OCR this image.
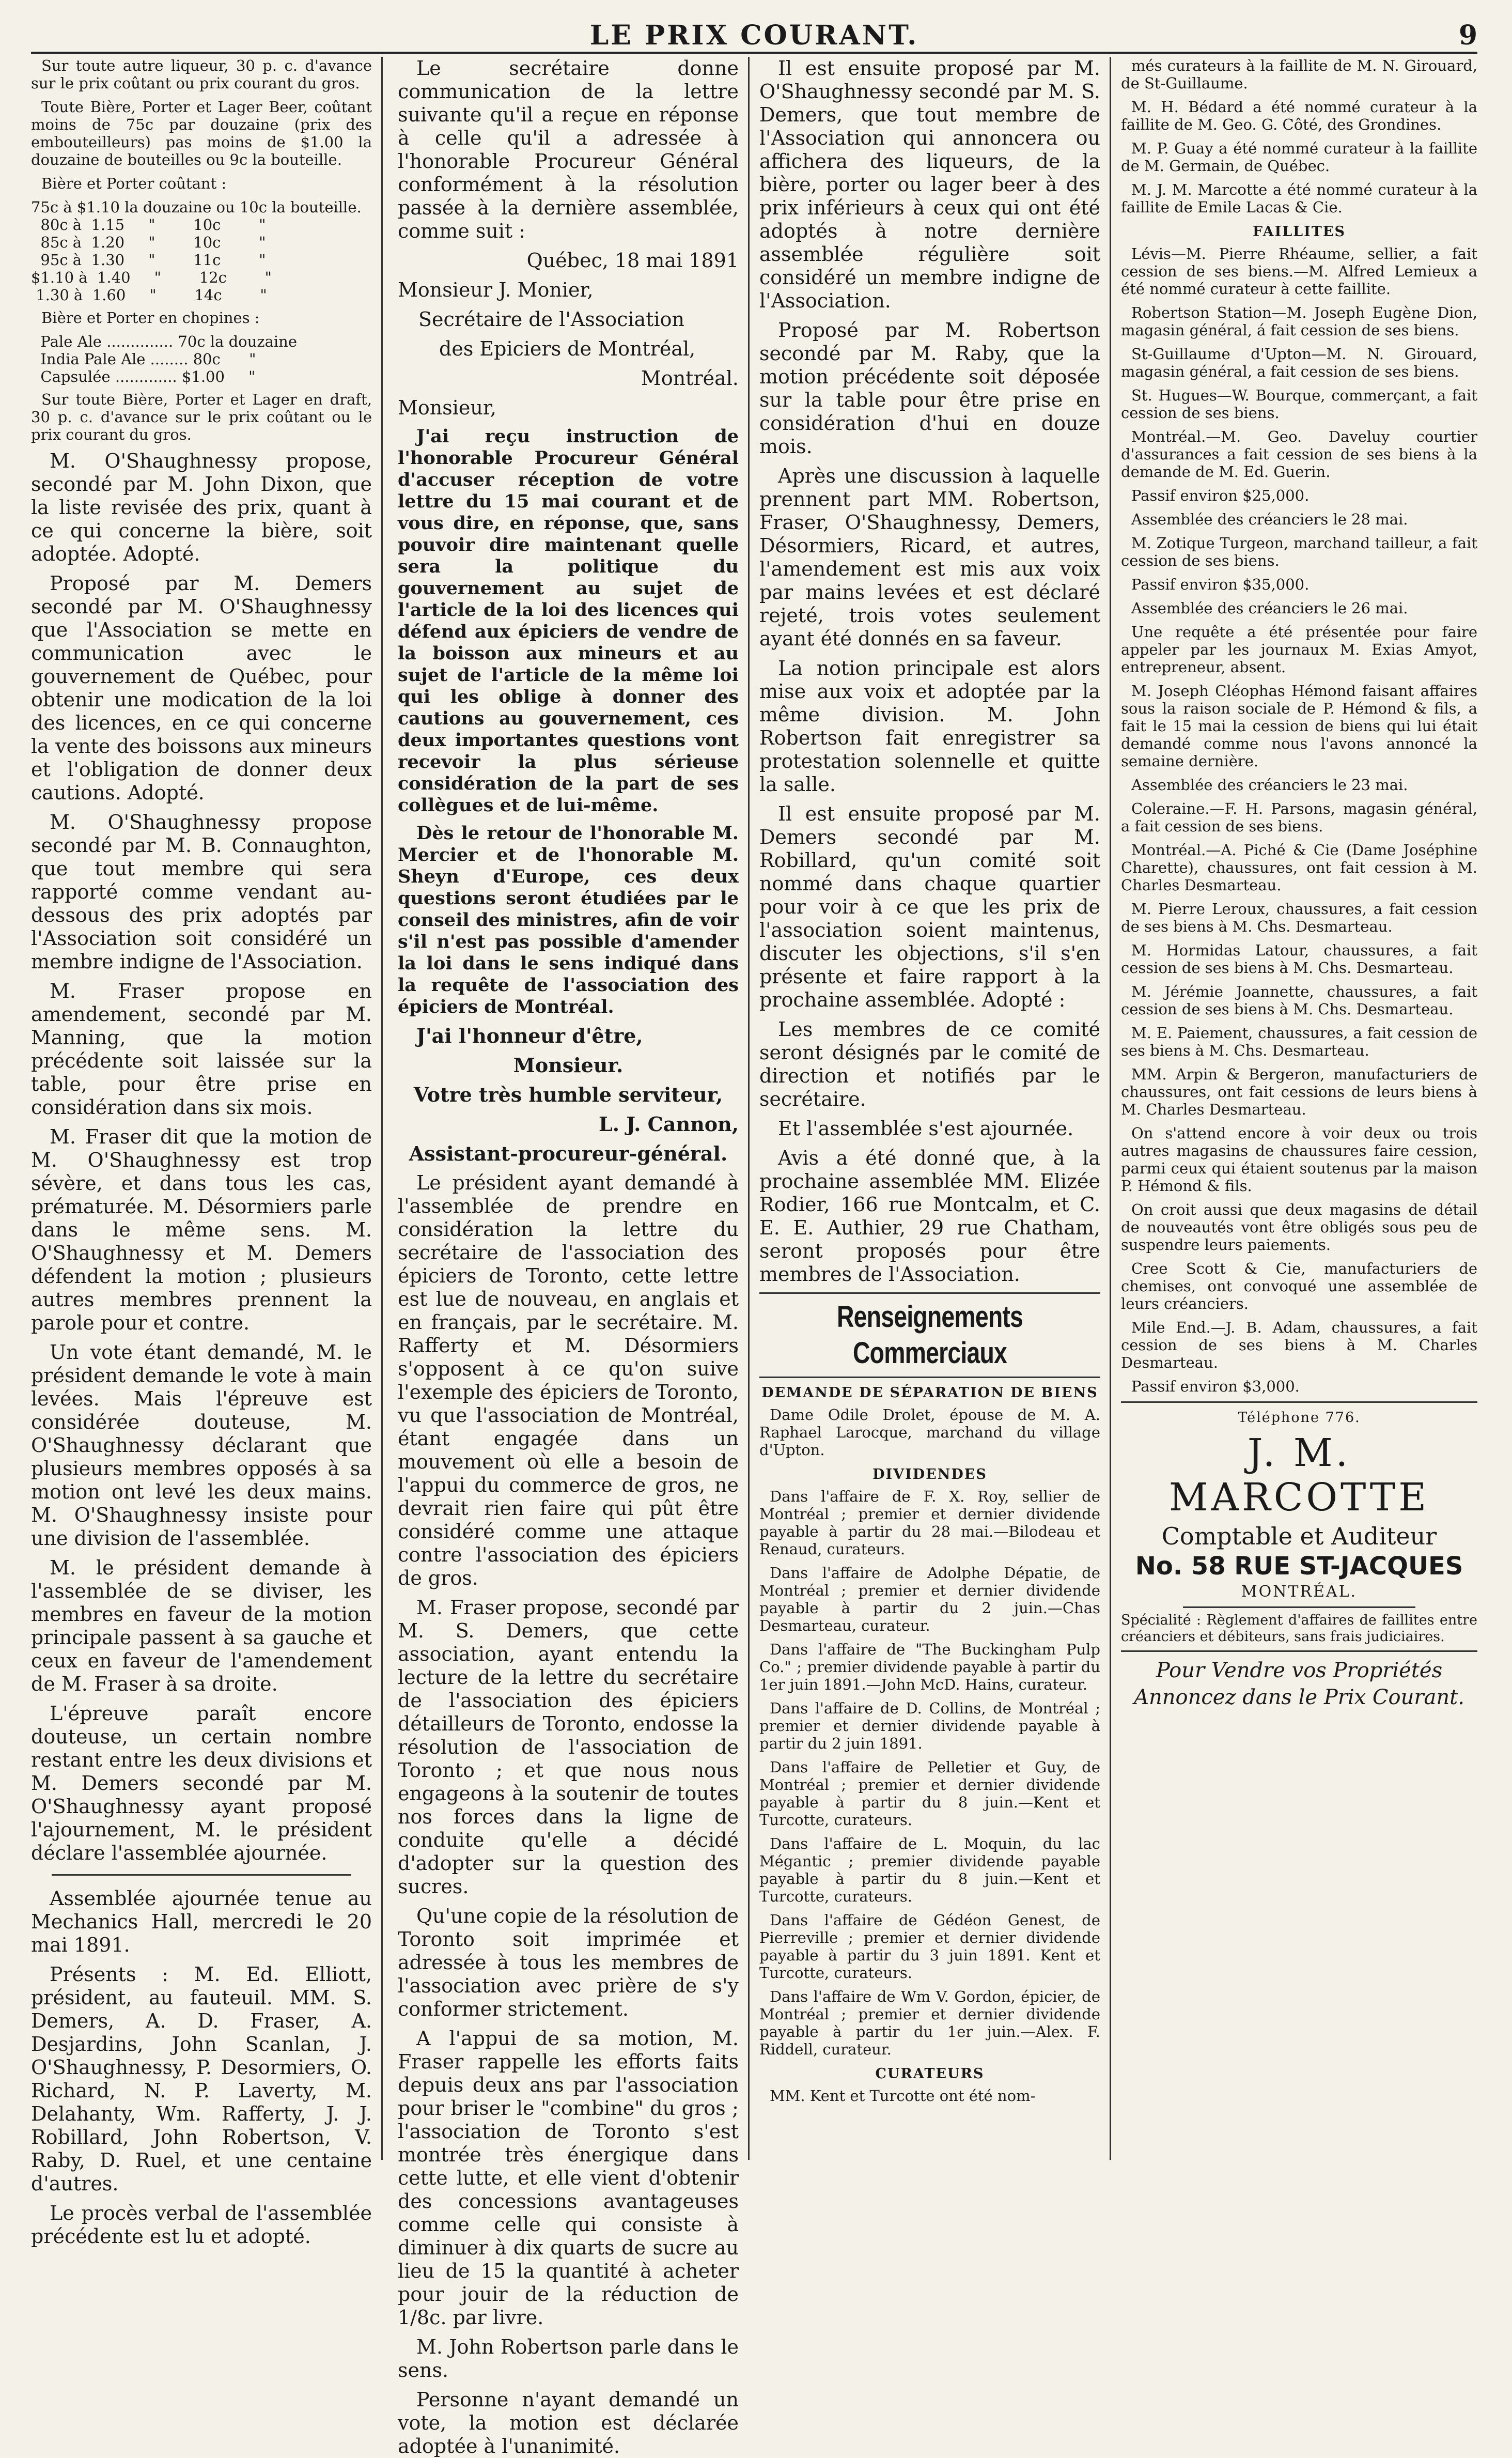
LE PRIX COURANT.	9

Sur toute autre liqueur, 30 p. c. d'avance sur le prix coûtant ou prix courant du gros.

Toute Bière, Porter et Lager Beer, coûtant moins de 75c par douzaine (prix des embouteilleurs) pas moins de $1.00 la douzaine de bouteilles ou 9c la bouteille.

Bière et Porter coûtant :

75c à $1.10 la douzaine ou 10c la bouteille.
80c à  1.15     "        10c        "
85c à  1.20     "        10c        "
95c à  1.30     "        11c        "
$1.10 à  1.40     "        12c        "
1.30 à  1.60     "        14c        "

Bière et Porter en chopines :

Pale Ale .............. 70c la douzaine
India Pale Ale ........ 80c      "
Capsulée ............. $1.00     "

Sur toute Bière, Porter et Lager en draft, 30 p. c. d'avance sur le prix coûtant ou le prix courant du gros.

M. O'Shaughnessy propose, secondé par M. John Dixon, que la liste revisée des prix, quant à ce qui concerne la bière, soit adoptée. Adopté.

Proposé par M. Demers secondé par M. O'Shaughnessy que l'Association se mette en communication avec le gouvernement de Québec, pour obtenir une modication de la loi des licences, en ce qui concerne la vente des boissons aux mineurs et l'obligation de donner deux cautions. Adopté.

M. O'Shaughnessy propose secondé par M. B. Connaughton, que tout membre qui sera rapporté comme vendant au-dessous des prix adoptés par l'Association soit considéré un membre indigne de l'Association.

M. Fraser propose en amendement, secondé par M. Manning, que la motion précédente soit laissée sur la table, pour être prise en considération dans six mois.

M. Fraser dit que la motion de M. O'Shaughnessy est trop sévère, et dans tous les cas, prématurée. M. Désormiers parle dans le même sens. M. O'Shaughnessy et M. Demers défendent la motion ; plusieurs autres membres prennent la parole pour et contre.

Un vote étant demandé, M. le président demande le vote à main levées. Mais l'épreuve est considérée douteuse, M. O'Shaughnessy déclarant que plusieurs membres opposés à sa motion ont levé les deux mains. M. O'Shaughnessy insiste pour une division de l'assemblée.

M. le président demande à l'assemblée de se diviser, les membres en faveur de la motion principale passent à sa gauche et ceux en faveur de l'amendement de M. Fraser à sa droite.

L'épreuve paraît encore douteuse, un certain nombre restant entre les deux divisions et M. Demers secondé par M. O'Shaughnessy ayant proposé l'ajournement, M. le président déclare l'assemblée ajournée.

Assemblée ajournée tenue au Mechanics Hall, mercredi le 20 mai 1891.

Présents : M. Ed. Elliott, président, au fauteuil. MM. S. Demers, A. D. Fraser, A. Desjardins, John Scanlan, J. O'Shaughnessy, P. Desormiers, O. Richard, N. P. Laverty, M. Delahanty, Wm. Rafferty, J. J. Robillard, John Robertson, V. Raby, D. Ruel, et une centaine d'autres.

Le procès verbal de l'assemblée précédente est lu et adopté.

Le secrétaire donne communication de la lettre suivante qu'il a reçue en réponse à celle qu'il a adressée à l'honorable Procureur Général conformément à la résolution passée à la dernière assemblée, comme suit :

Québec, 18 mai 1891

Monsieur J. Monier,

Secrétaire de l'Association

des Epiciers de Montréal,

Montréal.

Monsieur,

J'ai reçu instruction de l'honorable Procureur Général d'accuser réception de votre lettre du 15 mai courant et de vous dire, en réponse, que, sans pouvoir dire maintenant quelle sera la politique du gouvernement au sujet de l'article de la loi des licences qui défend aux épiciers de vendre de la boisson aux mineurs et au sujet de l'article de la même loi qui les oblige à donner des cautions au gouvernement, ces deux importantes questions vont recevoir la plus sérieuse considération de la part de ses collègues et de lui-même.

Dès le retour de l'honorable M. Mercier et de l'honorable M. Sheyn d'Europe, ces deux questions seront étudiées par le conseil des ministres, afin de voir s'il n'est pas possible d'amender la loi dans le sens indiqué dans la requête de l'association des épiciers de Montréal.

J'ai l'honneur d'être,

Monsieur.

Votre très humble serviteur,

L. J. Cannon,

Assistant-procureur-général.

Le président ayant demandé à l'assemblée de prendre en considération la lettre du secrétaire de l'association des épiciers de Toronto, cette lettre est lue de nouveau, en anglais et en français, par le secrétaire. M. Rafferty et M. Désormiers s'opposent à ce qu'on suive l'exemple des épiciers de Toronto, vu que l'association de Montréal, étant engagée dans un mouvement où elle a besoin de l'appui du commerce de gros, ne devrait rien faire qui pût être considéré comme une attaque contre l'association des épiciers de gros.

M. Fraser propose, secondé par M. S. Demers, que cette association, ayant entendu la lecture de la lettre du secrétaire de l'association des épiciers détailleurs de Toronto, endosse la résolution de l'association de Toronto ; et que nous nous engageons à la soutenir de toutes nos forces dans la ligne de conduite qu'elle a décidé d'adopter sur la question des sucres.

Qu'une copie de la résolution de Toronto soit imprimée et adressée à tous les membres de l'association avec prière de s'y conformer strictement.

A l'appui de sa motion, M. Fraser rappelle les efforts faits depuis deux ans par l'association pour briser le "combine" du gros ; l'association de Toronto s'est montrée très énergique dans cette lutte, et elle vient d'obtenir des concessions avantageuses comme celle qui consiste à diminuer à dix quarts de sucre au lieu de 15 la quantité à acheter pour jouir de la réduction de 1/8c. par livre.

M. John Robertson parle dans le sens.

Personne n'ayant demandé un vote, la motion est déclarée adoptée à l'unanimité.

Il est ensuite proposé par M. O'Shaughnessy secondé par M. S. Demers, que tout membre de l'Association qui annoncera ou affichera des liqueurs, de la bière, porter ou lager beer à des prix inférieurs à ceux qui ont été adoptés à notre dernière assemblée régulière soit considéré un membre indigne de l'Association.

Proposé par M. Robertson secondé par M. Raby, que la motion précédente soit déposée sur la table pour être prise en considération d'hui en douze mois.

Après une discussion à laquelle prennent part MM. Robertson, Fraser, O'Shaughnessy, Demers, Désormiers, Ricard, et autres, l'amendement est mis aux voix par mains levées et est déclaré rejeté, trois votes seulement ayant été donnés en sa faveur.

La notion principale est alors mise aux voix et adoptée par la même division. M. John Robertson fait enregistrer sa protestation solennelle et quitte la salle.

Il est ensuite proposé par M. Demers secondé par M. Robillard, qu'un comité soit nommé dans chaque quartier pour voir à ce que les prix de l'association soient maintenus, discuter les objections, s'il s'en présente et faire rapport à la prochaine assemblée. Adopté :

Les membres de ce comité seront désignés par le comité de direction et notifiés par le secrétaire.

Et l'assemblée s'est ajournée.

Avis a été donné que, à la prochaine assemblée MM. Elizée Rodier, 166 rue Montcalm, et C. E. E. Authier, 29 rue Chatham, seront proposés pour être membres de l'Association.

Renseignements Commerciaux
DEMANDE DE SÉPARATION DE BIENS

Dame Odile Drolet, épouse de M. A. Raphael Larocque, marchand du village d'Upton.

DIVIDENDES

Dans l'affaire de F. X. Roy, sellier de Montréal ; premier et dernier dividende payable à partir du 28 mai.—Bilodeau et Renaud, curateurs.

Dans l'affaire de Adolphe Dépatie, de Montréal ; premier et dernier dividende payable à partir du 2 juin.—Chas Desmarteau, curateur.

Dans l'affaire de "The Buckingham Pulp Co." ; premier dividende payable à partir du 1er juin 1891.—John McD. Hains, curateur.

Dans l'affaire de D. Collins, de Montréal ; premier et dernier dividende payable à partir du 2 juin 1891.

Dans l'affaire de Pelletier et Guy, de Montréal ; premier et dernier dividende payable à partir du 8 juin.—Kent et Turcotte, curateurs.

Dans l'affaire de L. Moquin, du lac Mégantic ; premier dividende payable payable à partir du 8 juin.—Kent et Turcotte, curateurs.

Dans l'affaire de Gédéon Genest, de Pierreville ; premier et dernier dividende payable à partir du 3 juin 1891. Kent et Turcotte, curateurs.

Dans l'affaire de Wm V. Gordon, épicier, de Montréal ; premier et dernier dividende payable à partir du 1er juin.—Alex. F. Riddell, curateur.

CURATEURS

MM. Kent et Turcotte ont été nom-

més curateurs à la faillite de M. N. Girouard, de St-Guillaume.

M. H. Bédard a été nommé curateur à la faillite de M. Geo. G. Côté, des Grondines.

M. P. Guay a été nommé curateur à la faillite de M. Germain, de Québec.

M. J. M. Marcotte a été nommé curateur à la faillite de Emile Lacas & Cie.

FAILLITES

Lévis—M. Pierre Rhéaume, sellier, a fait cession de ses biens.—M. Alfred Lemieux a été nommé curateur à cette faillite.

Robertson Station—M. Joseph Eugène Dion, magasin général, á fait cession de ses biens.

St-Guillaume d'Upton—M. N. Girouard, magasin général, a fait cession de ses biens.

St. Hugues—W. Bourque, commerçant, a fait cession de ses biens.

Montréal.—M. Geo. Daveluy courtier d'assurances a fait cession de ses biens à la demande de M. Ed. Guerin.

Passif environ $25,000.

Assemblée des créanciers le 28 mai.

M. Zotique Turgeon, marchand tailleur, a fait cession de ses biens.

Passif environ $35,000.

Assemblée des créanciers le 26 mai.

Une requête a été présentée pour faire appeler par les journaux M. Exias Amyot, entrepreneur, absent.

M. Joseph Cléophas Hémond faisant affaires sous la raison sociale de P. Hémond & fils, a fait le 15 mai la cession de biens qui lui était demandé comme nous l'avons annoncé la semaine dernière.

Assemblée des créanciers le 23 mai.

Coleraine.—F. H. Parsons, magasin général, a fait cession de ses biens.

Montréal.—A. Piché & Cie (Dame Joséphine Charette), chaussures, ont fait cession à M. Charles Desmarteau.

M. Pierre Leroux, chaussures, a fait cession de ses biens à M. Chs. Desmarteau.

M. Hormidas Latour, chaussures, a fait cession de ses biens à M. Chs. Desmarteau.

M. Jérémie Joannette, chaussures, a fait cession de ses biens à M. Chs. Desmarteau.

M. E. Paiement, chaussures, a fait cession de ses biens à M. Chs. Desmarteau.

MM. Arpin & Bergeron, manufacturiers de chaussures, ont fait cessions de leurs biens à M. Charles Desmarteau.

On s'attend encore à voir deux ou trois autres magasins de chaussures faire cession, parmi ceux qui étaient soutenus par la maison P. Hémond & fils.

On croit aussi que deux magasins de détail de nouveautés vont être obligés sous peu de suspendre leurs paiements.

Cree Scott & Cie, manufacturiers de chemises, ont convoqué une assemblée de leurs créanciers.

Mile End.—J. B. Adam, chaussures, a fait cession de ses biens à M. Charles Desmarteau.

Passif environ $3,000.

Téléphone 776.
J. M. MARCOTTE
Comptable et Auditeur
No. 58 RUE ST-JACQUES
MONTRÉAL.
Spécialité : Règlement d'affaires de faillites entre créanciers et débiteurs, sans frais judiciaires.
Pour Vendre vos Propriétés
Annoncez dans le Prix Courant.
